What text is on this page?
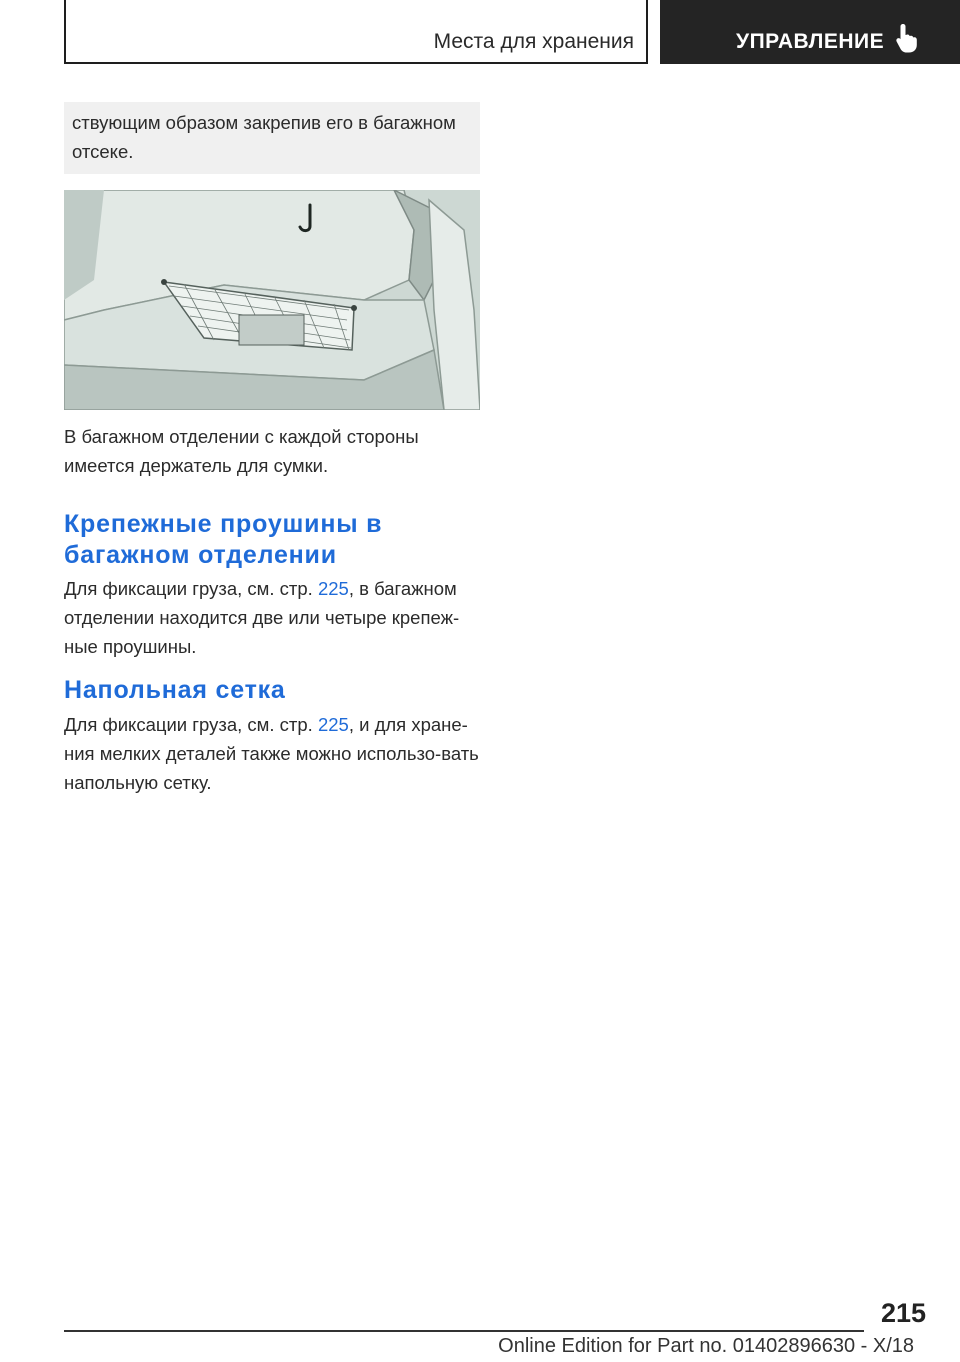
Места для хранения	УПРАВЛЕНИЕ

ствующим образом закрепив его в багажном отсеке.

В багажном отделении с каждой стороны имеется держатель для сумки.

Крепежные проушины в багажном отделении

Для фиксации груза, см. стр. 225, в багажном отделении находится две или четыре крепеж-ные проушины.

Напольная сетка

Для фиксации груза, см. стр. 225, и для хране-ния мелких деталей также можно использо-вать напольную сетку.

215
Online Edition for Part no. 01402896630 - X/18
